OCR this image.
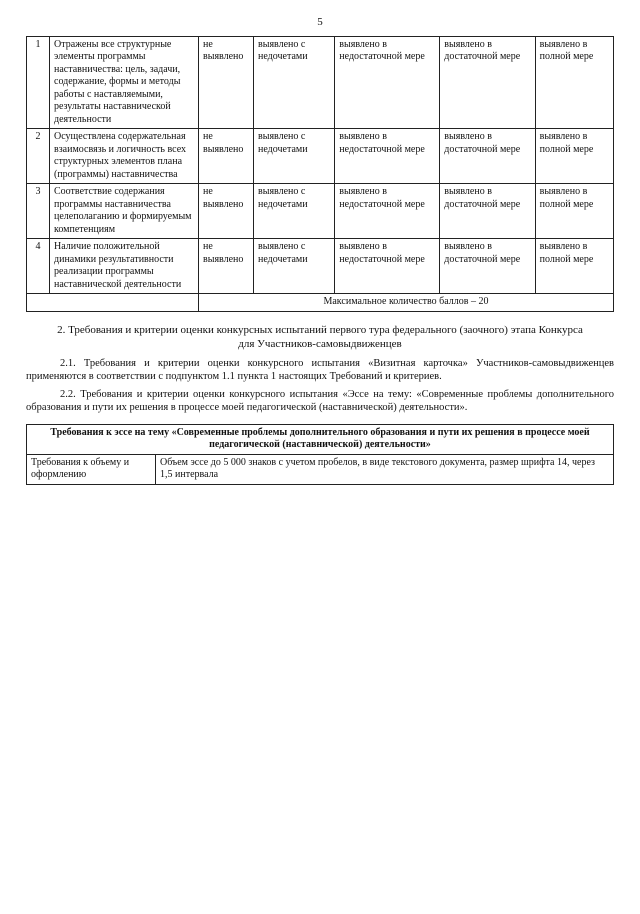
5
1	Отражены все структурные элементы программы наставничества: цель, задачи, содержание, формы и методы работы с наставляемыми, результаты наставнической деятельности	не выявлено	выявлено с недочетами	выявлено в недостаточной мере	выявлено в достаточной мере	выявлено в полной мере
2	Осуществлена содержательная взаимосвязь и логичность всех структурных элементов плана (программы) наставничества	не выявлено	выявлено с недочетами	выявлено в недостаточной мере	выявлено в достаточной мере	выявлено в полной мере
3	Соответствие содержания программы наставничества целеполаганию и формируемым компетенциям	не выявлено	выявлено с недочетами	выявлено в недостаточной мере	выявлено в достаточной мере	выявлено в полной мере
4	Наличие положительной динамики результативности реализации программы наставнической деятельности	не выявлено	выявлено с недочетами	выявлено в недостаточной мере	выявлено в достаточной мере	выявлено в полной мере
		Максимальное количество баллов – 20				
2. Требования и критерии оценки конкурсных испытаний первого тура федерального (заочного) этапа Конкурса для Участников-самовыдвиженцев

2.1. Требования и критерии оценки конкурсного испытания «Визитная карточка» Участников-самовыдвиженцев применяются в соответствии с подпунктом 1.1 пункта 1 настоящих Требований и критериев.

2.2. Требования и критерии оценки конкурсного испытания «Эссе на тему: «Современные проблемы дополнительного образования и пути их решения в процессе моей педагогической (наставнической) деятельности».

Требования к эссе на тему «Современные проблемы дополнительного образования и пути их решения в процессе моей педагогической (наставнической) деятельности»
Требования к объему и оформлению	Объем эссе до 5 000 знаков с учетом пробелов, в виде текстового документа, размер шрифта 14, через 1,5 интервала
